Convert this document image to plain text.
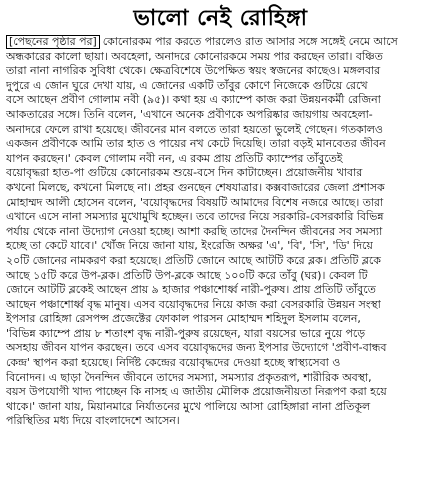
ভালো নেই রোহিঙ্গা
[পেছনের পৃষ্ঠার পর] কোনোরকম পার করতে পারলেও রাত আসার সঙ্গে সঙ্গেই নেমে আসে
অন্ধকারের কালো ছায়া। অবহেলা, অনাদরে কোনোরকমে সময় পার করছেন তারা। বঞ্চিত
তারা নানা নাগরিক সুবিধা থেকে। ক্ষেত্রবিশেষে উপেক্ষিত স্বয়ং স্বজনের কাছেও। মঙ্গলবার
দুপুরে এ জোন ঘুরে দেখা যায়, এ জোনের একটি তাঁবুর কোণে নিজেকে গুটিয়ে রেখে
বসে আছেন প্রবীণ গোলাম নবী (৯৫)। কথা হয় এ ক্যাম্পে কাজ করা উন্নয়নকর্মী রেজিনা
আকতারের সঙ্গে। তিনি বলেন, 'এখানে অনেক প্রবীণকে অপরিষ্কার জায়গায় অবহেলা-
অনাদরে ফেলে রাখা হয়েছে। জীবনের মান বলতে তারা হয়তো ভুলেই গেছেন। গতকালও
একজন প্রবীণকে আমি তার হাত ও পায়ের নখ কেটে দিয়েছি। তারা বড়ই মানবেতর জীবন
যাপন করছেন।' কেবল গোলাম নবী নন, এ রকম প্রায় প্রতিটি ক্যাম্পের তাঁবুতেই
বয়োবৃদ্ধরা হাত-পা গুটিয়ে কোনোরকম শুয়ে-বসে দিন কাটাচ্ছেন। প্রয়োজনীয় খাবার
কখনো মিলছে, কখনো মিলছে না। প্রহর গুনছেন শেষযাত্রার। কক্সবাজারের জেলা প্রশাসক
মোহাম্মদ আলী হোসেন বলেন, 'বয়োবৃদ্ধদের বিষয়টি আমাদের বিশেষ নজরে আছে। তারা
এখানে এসে নানা সমস্যার মুখোমুখি হচ্ছেন। তবে তাদের নিয়ে সরকারি-বেসরকারি বিভিন্ন
পর্যায় থেকে নানা উদ্যোগ নেওয়া হচ্ছে। আশা করছি তাদের দৈনন্দিন জীবনের সব সমস্যা
হচ্ছে তা কেটে যাবে।' খোঁজ নিয়ে জানা যায়, ইংরেজি অক্ষর 'এ', 'বি', 'সি', 'ডি' দিয়ে
২০টি জোনের নামকরণ করা হয়েছে। প্রতিটি জোনে আছে আটটি করে ব্লক। প্রতিটি ব্লকে
আছে ১৫টি করে উপ-ব্লক। প্রতিটি উপ-ব্লকে আছে ১০০টি করে তাঁবু (ঘর)। কেবল টি
জোনে আটটি ব্লকেই আছেন প্রায় ৯ হাজার পঞ্চাশোর্ধ্ব নারী-পুরুষ। প্রায় প্রতিটি তাঁবুতে
আছেন পঞ্চাশোর্ধ্ব বৃদ্ধ মানুষ। এসব বয়োবৃদ্ধদের নিয়ে কাজ করা বেসরকারি উন্নয়ন সংস্থা
ইপসার রোহিঙ্গা রেসপন্স প্রজেক্টের ফোকাল পারসন মোহাম্মদ শহিদুল ইসলাম বলেন,
'বিভিন্ন ক্যাম্পে প্রায় ৮ শতাংশ বৃদ্ধ নারী-পুরুষ রয়েছেন, যারা বয়সের ভারে নুয়ে পড়ে
অসহায় জীবন যাপন করছেন। তবে এসব বয়োবৃদ্ধদের জন্য ইপসার উদ্যোগে 'প্রবীণ-বান্ধব
কেন্দ্র' স্থাপন করা হয়েছে। নির্দিষ্ট কেন্দ্রের বয়োবৃদ্ধদের দেওয়া হচ্ছে স্বাস্থ্যসেবা ও
বিনোদন। এ ছাড়া দৈনন্দিন জীবনে তাদের সমস্যা, সমস্যার প্রকৃতরূপ, শারীরিক অবস্থা,
বয়স উপযোগী খাদ্য পাচ্ছেন কি নাসহ এ জাতীয় মৌলিক প্রয়োজনীয়তা নিরূপণ করা হয়ে
থাকে।' জানা যায়, মিয়ানমারে নির্যাতনের মুখে পালিয়ে আসা রোহিঙ্গারা নানা প্রতিকূল
পরিস্থিতির মধ্য দিয়ে বাংলাদেশে আসেন।
